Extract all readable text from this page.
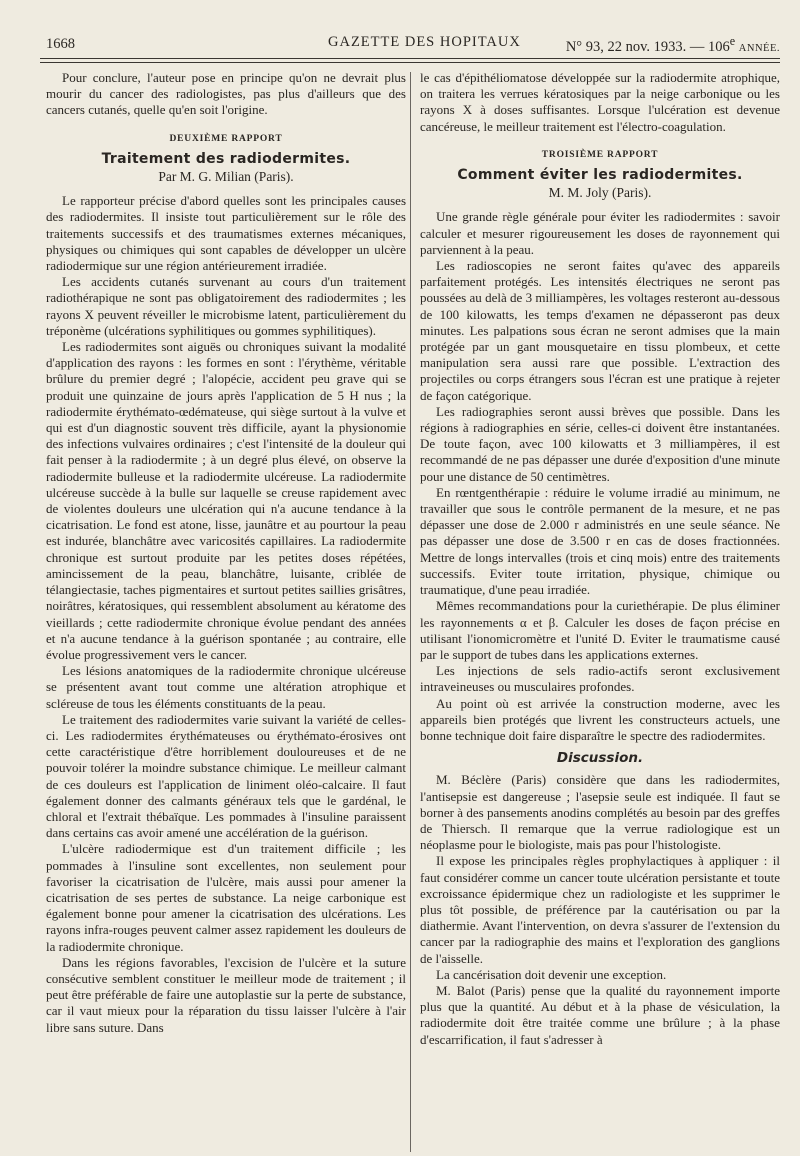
1668	GAZETTE DES HOPITAUX	N° 93, 22 nov. 1933. — 106e ANNÉE.

Pour conclure, l'auteur pose en principe qu'on ne devrait plus mourir du cancer des radiologistes, pas plus d'ailleurs que des cancers cutanés, quelle qu'en soit l'origine.

DEUXIÈME RAPPORT
Traitement des radiodermites.
Par M. G. Milian (Paris).

Le rapporteur précise d'abord quelles sont les principales causes des radiodermites. Il insiste tout particulièrement sur le rôle des traitements successifs et des traumatismes externes mécaniques, physiques ou chimiques qui sont capables de développer un ulcère radiodermique sur une région antérieurement irradiée.

Les accidents cutanés survenant au cours d'un traitement radiothérapique ne sont pas obligatoirement des radiodermites ; les rayons X peuvent réveiller le microbisme latent, particulièrement du tréponème (ulcérations syphilitiques ou gommes syphilitiques).

Les radiodermites sont aiguës ou chroniques suivant la modalité d'application des rayons : les formes en sont : l'érythème, véritable brûlure du premier degré ; l'alopécie, accident peu grave qui se produit une quinzaine de jours après l'application de 5 H nus ; la radiodermite érythémato-œdémateuse, qui siège surtout à la vulve et qui est d'un diagnostic souvent très difficile, ayant la physionomie des infections vulvaires ordinaires ; c'est l'intensité de la douleur qui fait penser à la radiodermite ; à un degré plus élevé, on observe la radiodermite bulleuse et la radiodermite ulcéreuse. La radiodermite ulcéreuse succède à la bulle sur laquelle se creuse rapidement avec de violentes douleurs une ulcération qui n'a aucune tendance à la cicatrisation. Le fond est atone, lisse, jaunâtre et au pourtour la peau est indurée, blanchâtre avec varicosités capillaires. La radiodermite chronique est surtout produite par les petites doses répétées, amincissement de la peau, blanchâtre, luisante, criblée de télangiectasie, taches pigmentaires et surtout petites saillies grisâtres, noirâtres, kératosiques, qui ressemblent absolument au kératome des vieillards ; cette radiodermite chronique évolue pendant des années et n'a aucune tendance à la guérison spontanée ; au contraire, elle évolue progressivement vers le cancer.

Les lésions anatomiques de la radiodermite chronique ulcéreuse se présentent avant tout comme une altération atrophique et scléreuse de tous les éléments constituants de la peau.

Le traitement des radiodermites varie suivant la variété de celles-ci. Les radiodermites érythémateuses ou érythémato-érosives ont cette caractéristique d'être horriblement douloureuses et de ne pouvoir tolérer la moindre substance chimique. Le meilleur calmant de ces douleurs est l'application de liniment oléo-calcaire. Il faut également donner des calmants généraux tels que le gardénal, le chloral et l'extrait thébaïque. Les pommades à l'insuline paraissent dans certains cas avoir amené une accélération de la guérison.

L'ulcère radiodermique est d'un traitement difficile ; les pommades à l'insuline sont excellentes, non seulement pour favoriser la cicatrisation de l'ulcère, mais aussi pour amener la cicatrisation de ses pertes de substance. La neige carbonique est également bonne pour amener la cicatrisation des ulcérations. Les rayons infra-rouges peuvent calmer assez rapidement les douleurs de la radiodermite chronique.

Dans les régions favorables, l'excision de l'ulcère et la suture consécutive semblent constituer le meilleur mode de traitement ; il peut être préférable de faire une autoplastie sur la perte de substance, car il vaut mieux pour la réparation du tissu laisser l'ulcère à l'air libre sans suture. Dans

le cas d'épithéliomatose développée sur la radiodermite atrophique, on traitera les verrues kératosiques par la neige carbonique ou les rayons X à doses suffisantes. Lorsque l'ulcération est devenue cancéreuse, le meilleur traitement est l'électro-coagulation.

TROISIÈME RAPPORT
Comment éviter les radiodermites.
M. M. Joly (Paris).

Une grande règle générale pour éviter les radiodermites : savoir calculer et mesurer rigoureusement les doses de rayonnement qui parviennent à la peau.

Les radioscopies ne seront faites qu'avec des appareils parfaitement protégés. Les intensités électriques ne seront pas poussées au delà de 3 milliampères, les voltages resteront au-dessous de 100 kilowatts, les temps d'examen ne dépasseront pas deux minutes. Les palpations sous écran ne seront admises que la main protégée par un gant mousquetaire en tissu plombeux, et cette manipulation sera aussi rare que possible. L'extraction des projectiles ou corps étrangers sous l'écran est une pratique à rejeter de façon catégorique.

Les radiographies seront aussi brèves que possible. Dans les régions à radiographies en série, celles-ci doivent être instantanées. De toute façon, avec 100 kilowatts et 3 milliampères, il est recommandé de ne pas dépasser une durée d'exposition d'une minute pour une distance de 50 centimètres.

En rœntgenthérapie : réduire le volume irradié au minimum, ne travailler que sous le contrôle permanent de la mesure, et ne pas dépasser une dose de 2.000 r administrés en une seule séance. Ne pas dépasser une dose de 3.500 r en cas de doses fractionnées. Mettre de longs intervalles (trois et cinq mois) entre des traitements successifs. Eviter toute irritation, physique, chimique ou traumatique, d'une peau irradiée.

Mêmes recommandations pour la curiethérapie. De plus éliminer les rayonnements α et β. Calculer les doses de façon précise en utilisant l'ionomicromètre et l'unité D. Eviter le traumatisme causé par le support de tubes dans les applications externes.

Les injections de sels radio-actifs seront exclusivement intraveineuses ou musculaires profondes.

Au point où est arrivée la construction moderne, avec les appareils bien protégés que livrent les constructeurs actuels, une bonne technique doit faire disparaître le spectre des radiodermites.

Discussion.

M. Béclère (Paris) considère que dans les radiodermites, l'antisepsie est dangereuse ; l'asepsie seule est indiquée. Il faut se borner à des pansements anodins complétés au besoin par des greffes de Thiersch. Il remarque que la verrue radiologique est un néoplasme pour le biologiste, mais pas pour l'histologiste.

Il expose les principales règles prophylactiques à appliquer : il faut considérer comme un cancer toute ulcération persistante et toute excroissance épidermique chez un radiologiste et les supprimer le plus tôt possible, de préférence par la cautérisation ou par la diathermie. Avant l'intervention, on devra s'assurer de l'extension du cancer par la radiographie des mains et l'exploration des ganglions de l'aisselle.

La cancérisation doit devenir une exception.

M. Balot (Paris) pense que la qualité du rayonnement importe plus que la quantité. Au début et à la phase de vésiculation, la radiodermite doit être traitée comme une brûlure ; à la phase d'escarrification, il faut s'adresser à
